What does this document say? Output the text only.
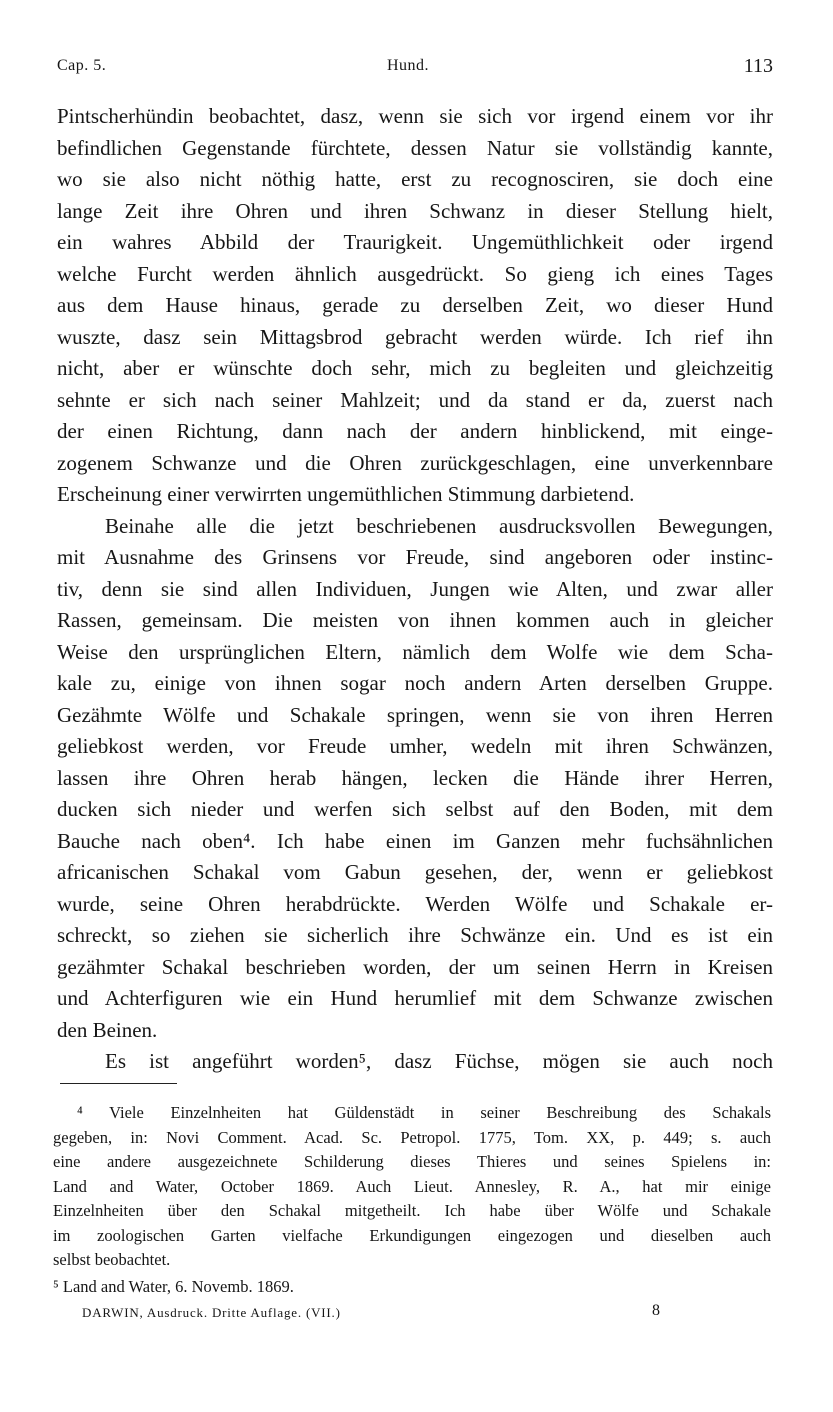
Cap. 5.	Hund.	113
Pintscherhündin beobachtet, dasz, wenn sie sich vor irgend einem vor ihr
befindlichen Gegenstande fürchtete, dessen Natur sie vollständig kannte,
wo sie also nicht nöthig hatte, erst zu recognosciren, sie doch eine
lange Zeit ihre Ohren und ihren Schwanz in dieser Stellung hielt,
ein wahres Abbild der Traurigkeit. Ungemüthlichkeit oder irgend
welche Furcht werden ähnlich ausgedrückt. So gieng ich eines Tages
aus dem Hause hinaus, gerade zu derselben Zeit, wo dieser Hund
wuszte, dasz sein Mittagsbrod gebracht werden würde. Ich rief ihn
nicht, aber er wünschte doch sehr, mich zu begleiten und gleichzeitig
sehnte er sich nach seiner Mahlzeit; und da stand er da, zuerst nach
der einen Richtung, dann nach der andern hinblickend, mit einge-
zogenem Schwanze und die Ohren zurückgeschlagen, eine unverkennbare
Erscheinung einer verwirrten ungemüthlichen Stimmung darbietend.
Beinahe alle die jetzt beschriebenen ausdrucksvollen Bewegungen,
mit Ausnahme des Grinsens vor Freude, sind angeboren oder instinc-
tiv, denn sie sind allen Individuen, Jungen wie Alten, und zwar aller
Rassen, gemeinsam. Die meisten von ihnen kommen auch in gleicher
Weise den ursprünglichen Eltern, nämlich dem Wolfe wie dem Scha-
kale zu, einige von ihnen sogar noch andern Arten derselben Gruppe.
Gezähmte Wölfe und Schakale springen, wenn sie von ihren Herren
geliebkost werden, vor Freude umher, wedeln mit ihren Schwänzen,
lassen ihre Ohren herab hängen, lecken die Hände ihrer Herren,
ducken sich nieder und werfen sich selbst auf den Boden, mit dem
Bauche nach oben⁴. Ich habe einen im Ganzen mehr fuchsähnlichen
africanischen Schakal vom Gabun gesehen, der, wenn er geliebkost
wurde, seine Ohren herabdrückte. Werden Wölfe und Schakale er-
schreckt, so ziehen sie sicherlich ihre Schwänze ein. Und es ist ein
gezähmter Schakal beschrieben worden, der um seinen Herrn in Kreisen
und Achterfiguren wie ein Hund herumlief mit dem Schwanze zwischen
den Beinen.
Es ist angeführt worden⁵, dasz Füchse, mögen sie auch noch
⁴ Viele Einzelnheiten hat Güldenstädt in seiner Beschreibung des Schakals
gegeben, in: Novi Comment. Acad. Sc. Petropol. 1775, Tom. XX, p. 449; s. auch
eine andere ausgezeichnete Schilderung dieses Thieres und seines Spielens in:
Land and Water, October 1869. Auch Lieut. Annesley, R. A., hat mir einige
Einzelnheiten über den Schakal mitgetheilt. Ich habe über Wölfe und Schakale
im zoologischen Garten vielfache Erkundigungen eingezogen und dieselben auch
selbst beobachtet.
⁵ Land and Water, 6. Novemb. 1869.
DARWIN, Ausdruck. Dritte Auflage. (VII.)	8
